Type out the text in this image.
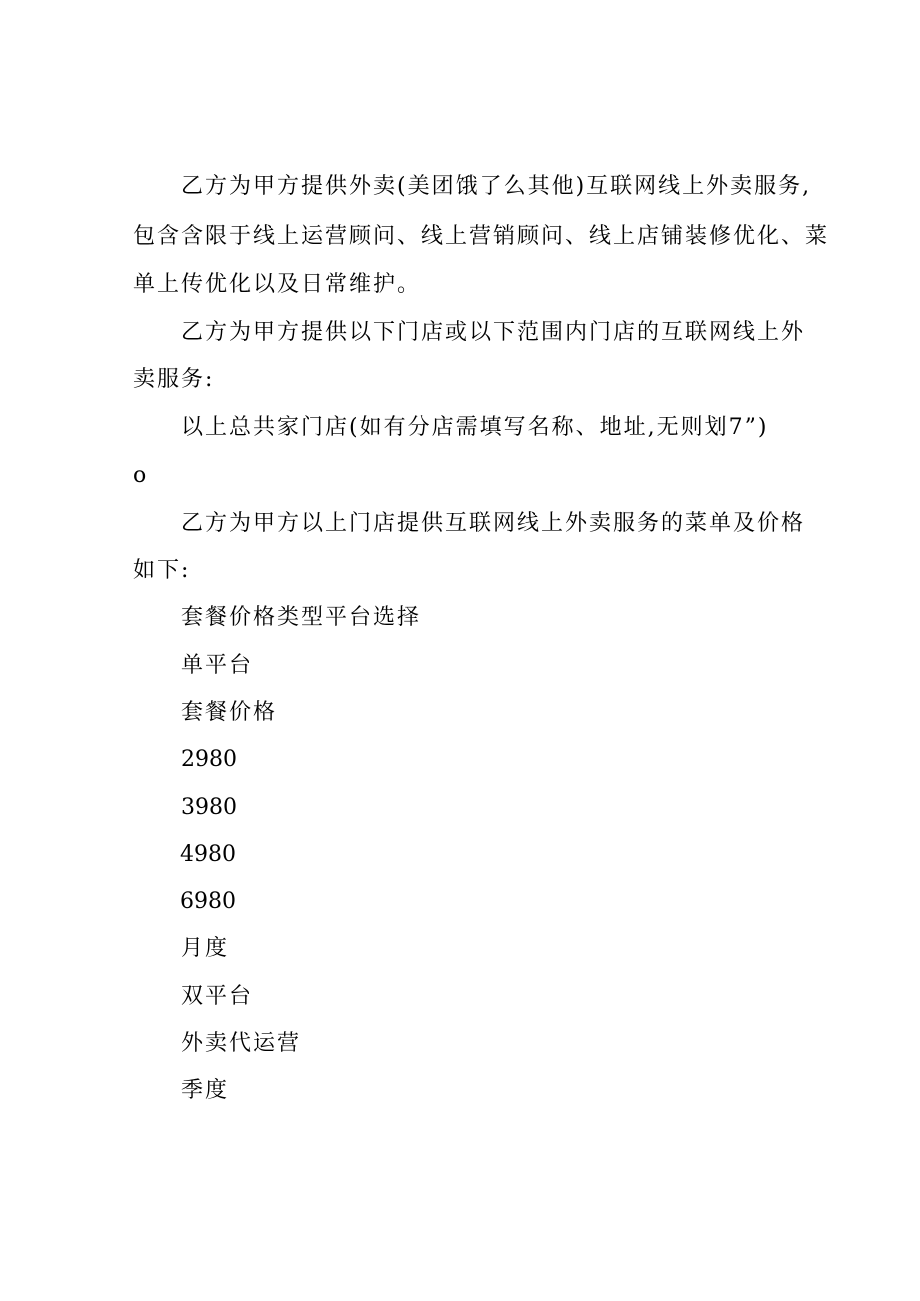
乙方为甲方提供外卖(美团饿了么其他)互联网线上外卖服务,
包含含限于线上运营顾问、线上营销顾问、线上店铺装修优化、菜
单上传优化以及日常维护。
乙方为甲方提供以下门店或以下范围内门店的互联网线上外
卖服务:
以上总共家门店(如有分店需填写名称、地址,无则划7”)
o
乙方为甲方以上门店提供互联网线上外卖服务的菜单及价格
如下:
套餐价格类型平台选择
单平台
套餐价格
2980
3980
4980
6980
月度
双平台
外卖代运营
季度
